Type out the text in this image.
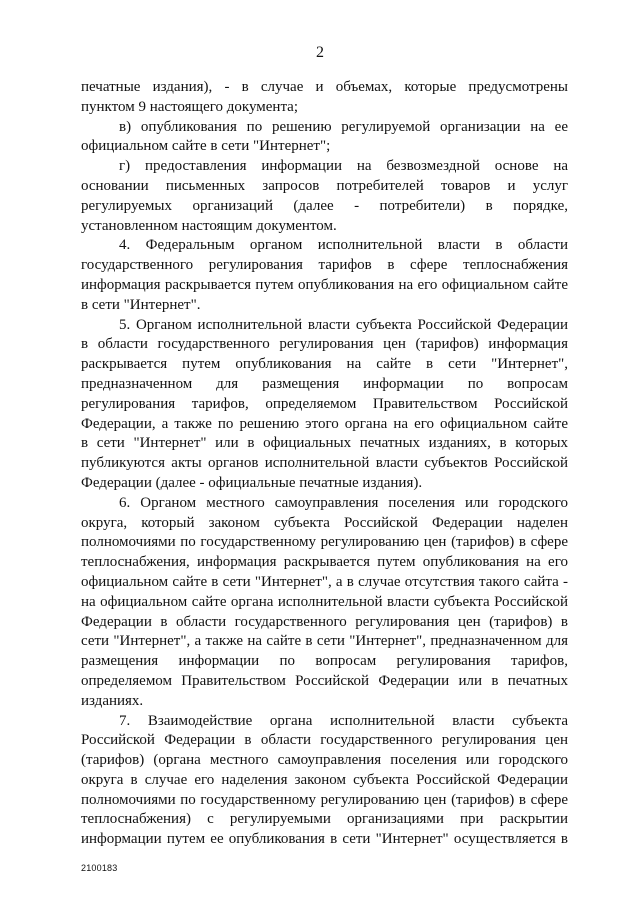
2

печатные издания), - в случае и объемах, которые предусмотрены
пунктом 9 настоящего документа;

в) опубликования по решению регулируемой организации на ее
официальном сайте в сети "Интернет";

г) предоставления информации на безвозмездной основе на
основании письменных запросов потребителей товаров и услуг
регулируемых организаций (далее - потребители) в порядке,
установленном настоящим документом.

4. Федеральным органом исполнительной власти в области
государственного регулирования тарифов в сфере теплоснабжения
информация раскрывается путем опубликования на его официальном сайте
в сети "Интернет".

5. Органом исполнительной власти субъекта Российской Федерации
в области государственного регулирования цен (тарифов) информация
раскрывается путем опубликования на сайте в сети "Интернет",
предназначенном для размещения информации по вопросам
регулирования тарифов, определяемом Правительством Российской
Федерации, а также по решению этого органа на его официальном сайте
в сети "Интернет" или в официальных печатных изданиях, в которых
публикуются акты органов исполнительной власти субъектов Российской
Федерации (далее - официальные печатные издания).

6. Органом местного самоуправления поселения или городского
округа, который законом субъекта Российской Федерации наделен
полномочиями по государственному регулированию цен (тарифов) в сфере
теплоснабжения, информация раскрывается путем опубликования на его
официальном сайте в сети "Интернет", а в случае отсутствия такого сайта -
на официальном сайте органа исполнительной власти субъекта Российской
Федерации в области государственного регулирования цен (тарифов) в
сети "Интернет", а также на сайте в сети "Интернет", предназначенном для
размещения информации по вопросам регулирования тарифов,
определяемом Правительством Российской Федерации или в печатных
изданиях.

7. Взаимодействие органа исполнительной власти субъекта
Российской Федерации в области государственного регулирования цен
(тарифов) (органа местного самоуправления поселения или городского
округа в случае его наделения законом субъекта Российской Федерации
полномочиями по государственному регулированию цен (тарифов) в сфере
теплоснабжения) с регулируемыми организациями при раскрытии
информации путем ее опубликования в сети "Интернет" осуществляется в

2100183
